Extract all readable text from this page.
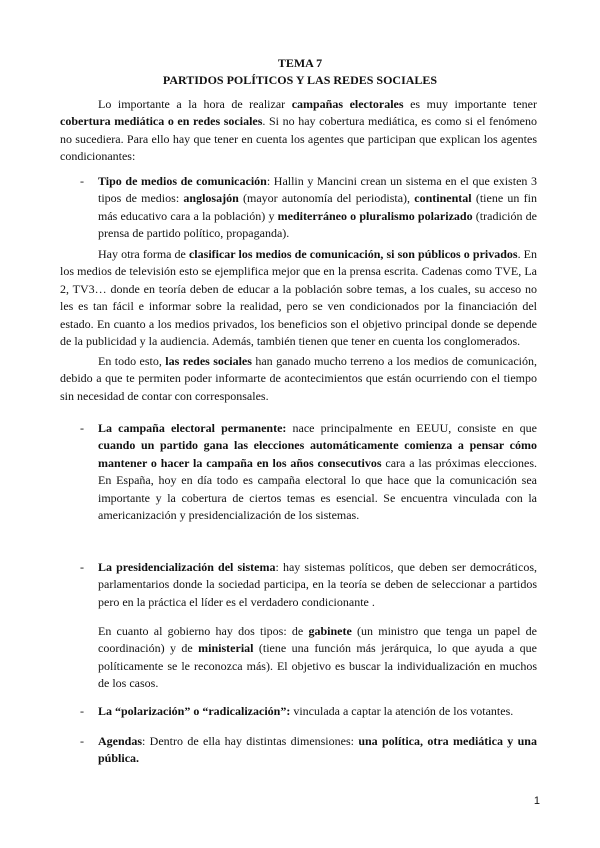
TEMA 7
PARTIDOS POLÍTICOS Y LAS REDES SOCIALES

Lo importante a la hora de realizar campañas electorales es muy importante tener cobertura mediática o en redes sociales. Si no hay cobertura mediática, es como si el fenómeno no sucediera. Para ello hay que tener en cuenta los agentes que participan que explican los agentes condicionantes:

- Tipo de medios de comunicación: Hallin y Mancini crean un sistema en el que existen 3 tipos de medios: anglosajón (mayor autonomía del periodista), continental (tiene un fin más educativo cara a la población) y mediterráneo o pluralismo polarizado (tradición de prensa de partido político, propaganda).

Hay otra forma de clasificar los medios de comunicación, si son públicos o privados. En los medios de televisión esto se ejemplifica mejor que en la prensa escrita. Cadenas como TVE, La 2, TV3… donde en teoría deben de educar a la población sobre temas, a los cuales, su acceso no les es tan fácil e informar sobre la realidad, pero se ven condicionados por la financiación del estado. En cuanto a los medios privados, los beneficios son el objetivo principal donde se depende de la publicidad y la audiencia. Además, también tienen que tener en cuenta los conglomerados.

En todo esto, las redes sociales han ganado mucho terreno a los medios de comunicación, debido a que te permiten poder informarte de acontecimientos que están ocurriendo con el tiempo sin necesidad de contar con corresponsales.

- La campaña electoral permanente: nace principalmente en EEUU, consiste en que cuando un partido gana las elecciones automáticamente comienza a pensar cómo mantener o hacer la campaña en los años consecutivos cara a las próximas elecciones. En España, hoy en día todo es campaña electoral lo que hace que la comunicación sea importante y la cobertura de ciertos temas es esencial. Se encuentra vinculada con la americanización y presidencialización de los sistemas.

- La presidencialización del sistema: hay sistemas políticos, que deben ser democráticos, parlamentarios donde la sociedad participa, en la teoría se deben de seleccionar a partidos pero en la práctica el líder es el verdadero condicionante .

En cuanto al gobierno hay dos tipos: de gabinete (un ministro que tenga un papel de coordinación) y de ministerial (tiene una función más jerárquica, lo que ayuda a que políticamente se le reconozca más). El objetivo es buscar la individualización en muchos de los casos.

- La “polarización” o “radicalización”: vinculada a captar la atención de los votantes.

- Agendas: Dentro de ella hay distintas dimensiones: una política, otra mediática y una pública.

1
